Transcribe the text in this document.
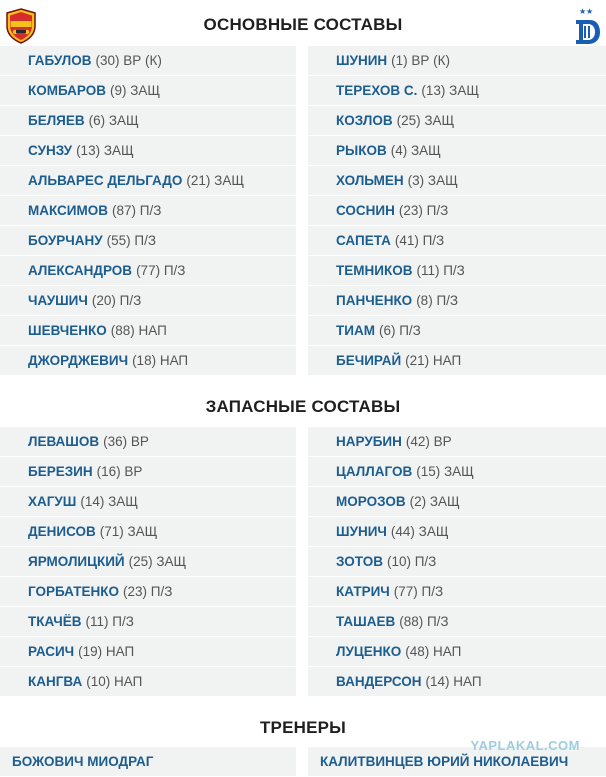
★ ★
ОСНОВНЫЕ СОСТАВЫ
ГАБУЛОВ (30) ВР (К)
КОМБАРОВ (9) ЗАЩ
БЕЛЯЕВ (6) ЗАЩ
СУНЗУ (13) ЗАЩ
АЛЬВАРЕС ДЕЛЬГАДО (21) ЗАЩ
МАКСИМОВ (87) П/З
БОУРЧАНУ (55) П/З
АЛЕКСАНДРОВ (77) П/З
ЧАУШИЧ (20) П/З
ШЕВЧЕНКО (88) НАП
ДЖОРДЖЕВИЧ (18) НАП
ШУНИН (1) ВР (К)
ТЕРЕХОВ С. (13) ЗАЩ
КОЗЛОВ (25) ЗАЩ
РЫКОВ (4) ЗАЩ
ХОЛЬМЕН (3) ЗАЩ
СОСНИН (23) П/З
САПЕТА (41) П/З
ТЕМНИКОВ (11) П/З
ПАНЧЕНКО (8) П/З
ТИАМ (6) П/З
БЕЧИРАЙ (21) НАП
ЗАПАСНЫЕ СОСТАВЫ
ЛЕВАШОВ (36) ВР
БЕРЕЗИН (16) ВР
ХАГУШ (14) ЗАЩ
ДЕНИСОВ (71) ЗАЩ
ЯРМОЛИЦКИЙ (25) ЗАЩ
ГОРБАТЕНКО (23) П/З
ТКАЧЁВ (11) П/З
РАСИЧ (19) НАП
КАНГВА (10) НАП
НАРУБИН (42) ВР
ЦАЛЛАГОВ (15) ЗАЩ
МОРОЗОВ (2) ЗАЩ
ШУНИЧ (44) ЗАЩ
ЗОТОВ (10) П/З
КАТРИЧ (77) П/З
ТАШАЕВ (88) П/З
ЛУЦЕНКО (48) НАП
ВАНДЕРСОН (14) НАП
ТРЕНЕРЫ
БОЖОВИЧ МИОДРАГ	КАЛИТВИНЦЕВ ЮРИЙ НИКОЛАЕВИЧ
YAPLAKAL.COM
